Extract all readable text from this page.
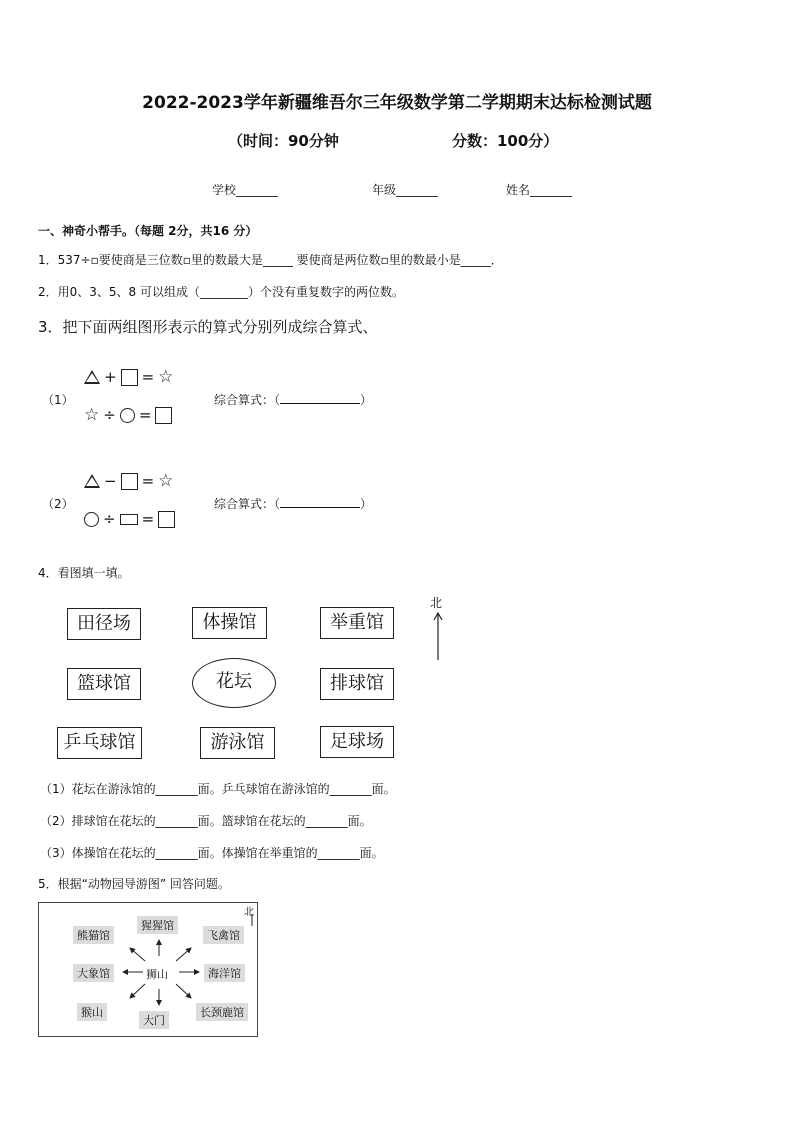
2022-2023学年新疆维吾尔三年级数学第二学期期末达标检测试题
（时间：90分钟	分数：100分）
学校_______	年级_______	姓名_______
一、神奇小帮手。（每题 2分，共16 分）
1．537÷▫要使商是三位数▫里的数最大是_____ 要使商是两位数▫里的数最小是_____．
2．用0、3、5、8 可以组成（________）个没有重复数字的两位数。
3．把下面两组图形表示的算式分别列成综合算式、
（1）
+ = ☆
☆ ÷ =
综合算式：（	）
（2）
− = ☆
÷ =
综合算式：（	）
4．看图填一填。
北
田径场	体操馆	举重馆
篮球馆	花坛	排球馆
乒乓球馆	游泳馆	足球场
（1）花坛在游泳馆的_______面。乒乓球馆在游泳馆的_______面。
（2）排球馆在花坛的_______面。篮球馆在花坛的_______面。
（3）体操馆在花坛的_______面。体操馆在举重馆的_______面。
5．根据“动物园导游图” 回答问题。
北
熊猫馆
猩猩馆
飞禽馆
大象馆	狮山	海洋馆
猴山
大门
长颈鹿馆
